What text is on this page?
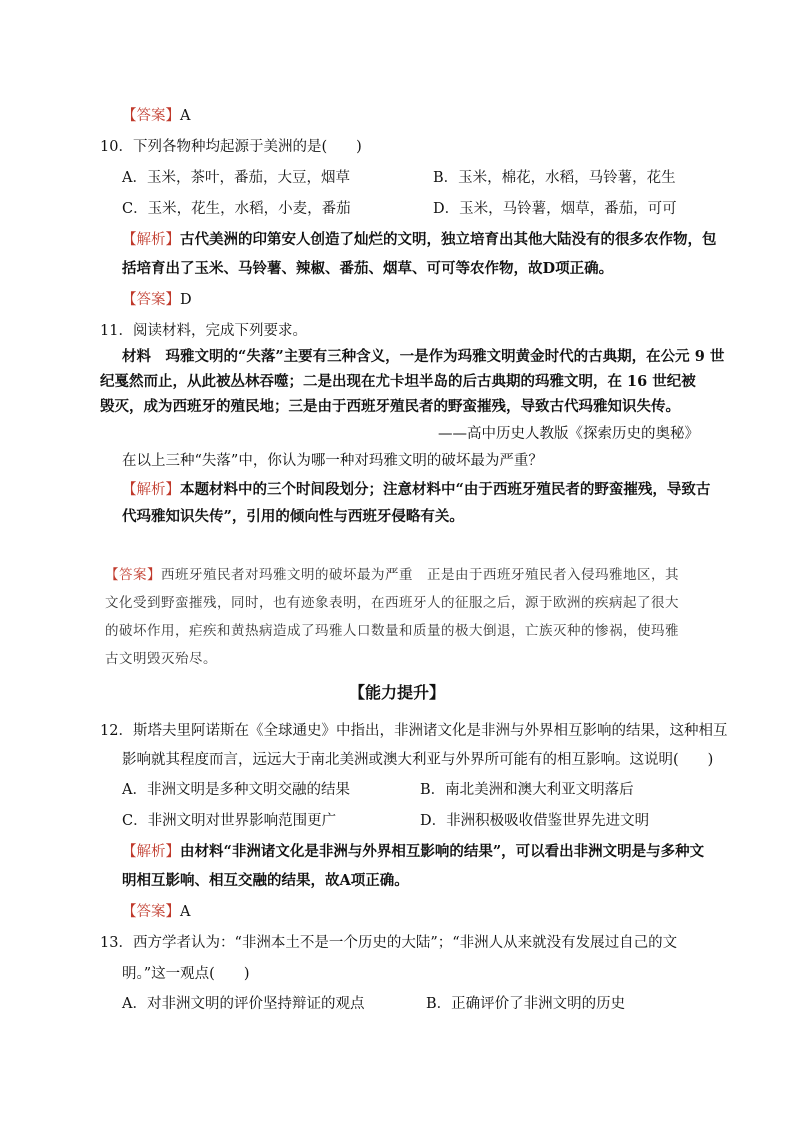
【答案】A
10．下列各物种均起源于美洲的是(　　)
A．玉米，茶叶，番茄，大豆，烟草	B．玉米，棉花，水稻，马铃薯，花生
C．玉米，花生，水稻，小麦，番茄	D．玉米，马铃薯，烟草，番茄，可可
【解析】古代美洲的印第安人创造了灿烂的文明，独立培育出其他大陆没有的很多农作物，包
括培育出了玉米、马铃薯、辣椒、番茄、烟草、可可等农作物，故D项正确。
【答案】D
11．阅读材料，完成下列要求。
材料　玛雅文明的“失落”主要有三种含义，一是作为玛雅文明黄金时代的古典期，在公元 9 世
纪戛然而止，从此被丛林吞噬；二是出现在尤卡坦半岛的后古典期的玛雅文明，在 16 世纪被
毁灭，成为西班牙的殖民地；三是由于西班牙殖民者的野蛮摧残，导致古代玛雅知识失传。
——高中历史人教版《探索历史的奥秘》
在以上三种“失落”中，你认为哪一种对玛雅文明的破坏最为严重？
【解析】本题材料中的三个时间段划分；注意材料中“由于西班牙殖民者的野蛮摧残，导致古
代玛雅知识失传”，引用的倾向性与西班牙侵略有关。
【答案】西班牙殖民者对玛雅文明的破坏最为严重　正是由于西班牙殖民者入侵玛雅地区，其
文化受到野蛮摧残，同时，也有迹象表明，在西班牙人的征服之后，源于欧洲的疾病起了很大
的破坏作用，疟疾和黄热病造成了玛雅人口数量和质量的极大倒退，亡族灭种的惨祸，使玛雅
古文明毁灭殆尽。
【能力提升】
12．斯塔夫里阿诺斯在《全球通史》中指出，非洲诸文化是非洲与外界相互影响的结果，这种相互
影响就其程度而言，远远大于南北美洲或澳大利亚与外界所可能有的相互影响。这说明(　　)
A．非洲文明是多种文明交融的结果	B．南北美洲和澳大利亚文明落后
C．非洲文明对世界影响范围更广	D．非洲积极吸收借鉴世界先进文明
【解析】由材料“非洲诸文化是非洲与外界相互影响的结果”，可以看出非洲文明是与多种文
明相互影响、相互交融的结果，故A项正确。
【答案】A
13．西方学者认为：“非洲本土不是一个历史的大陆”；“非洲人从来就没有发展过自己的文
明。”这一观点(　　)
A．对非洲文明的评价坚持辩证的观点	B．正确评价了非洲文明的历史
